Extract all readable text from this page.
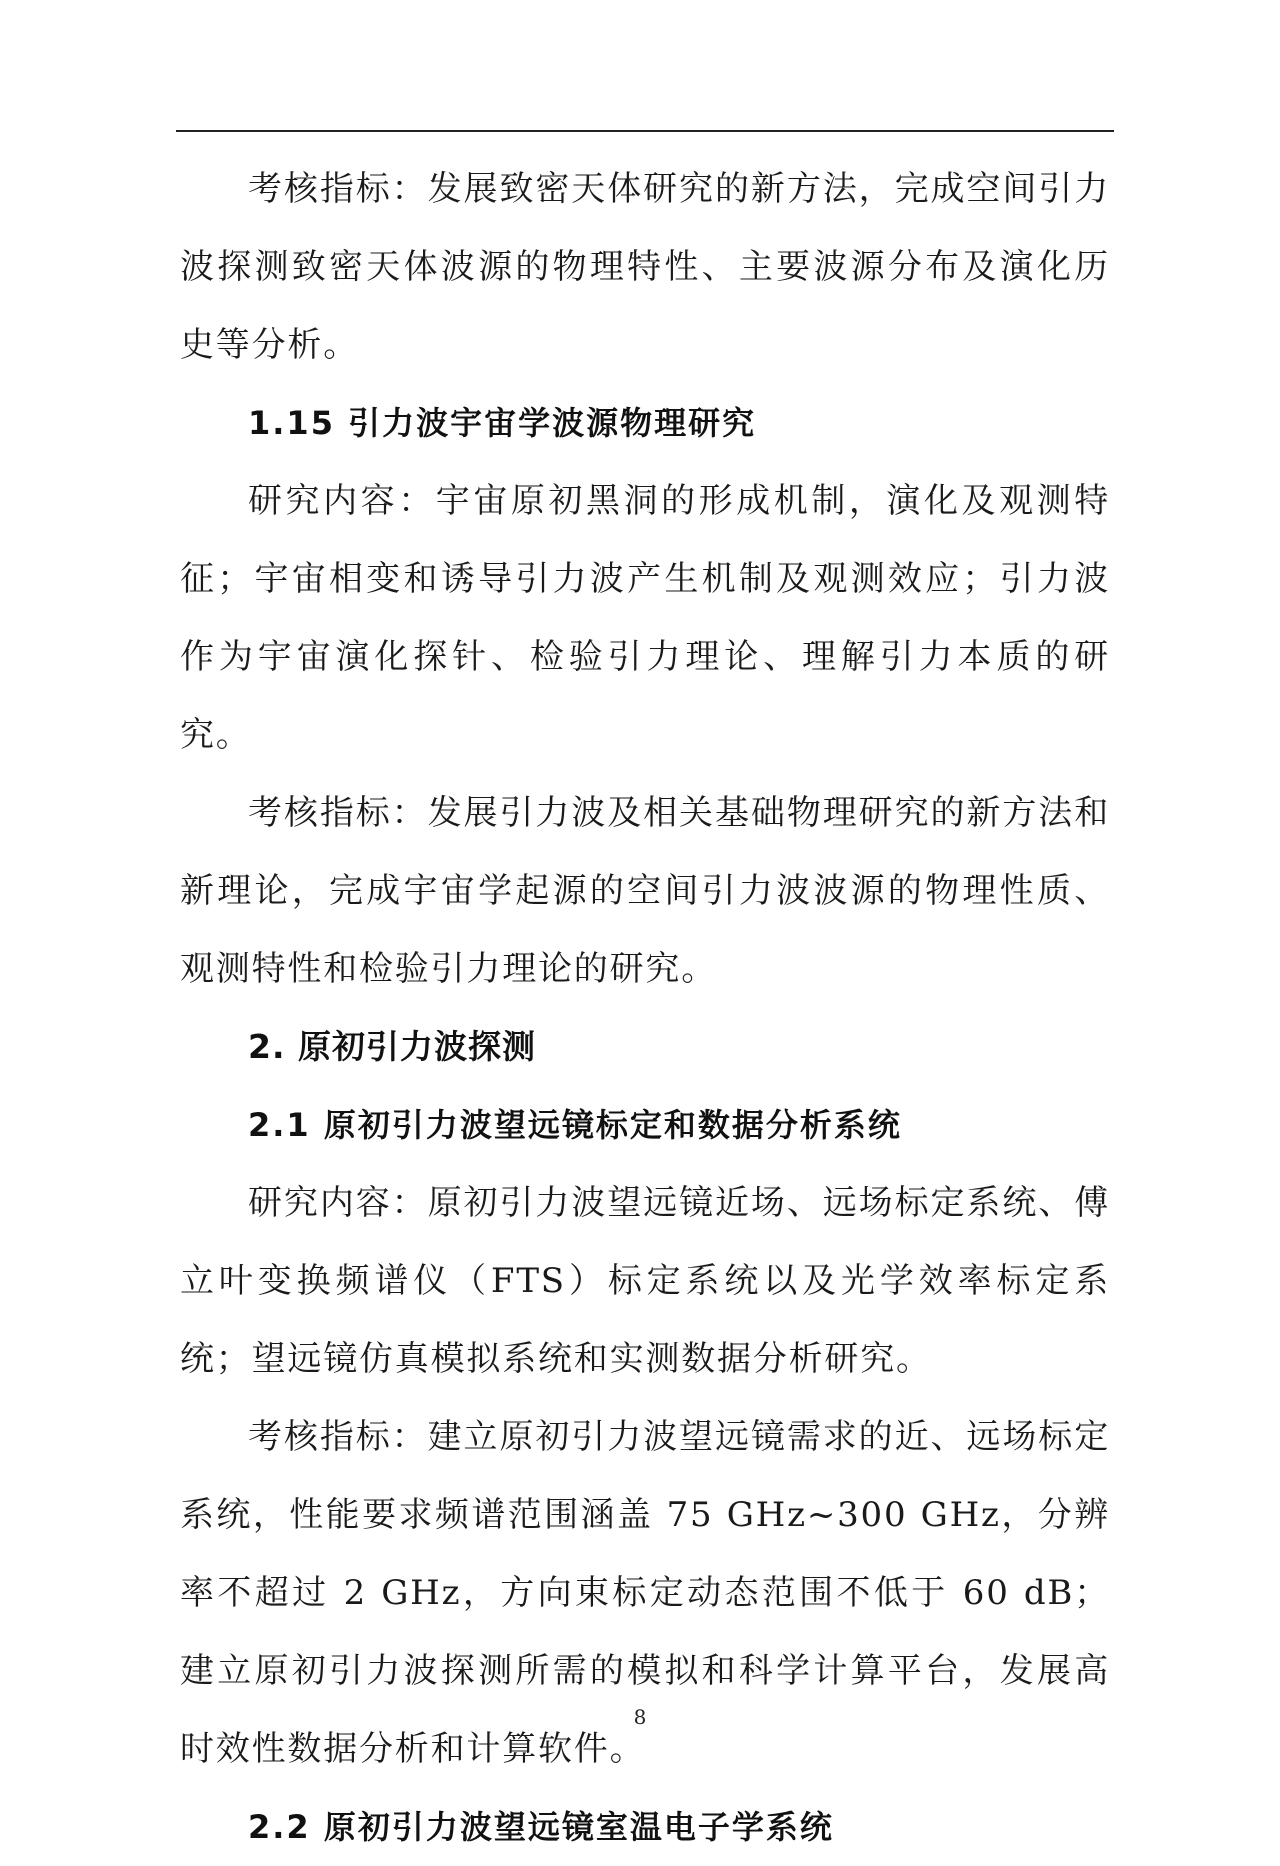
考核指标：发展致密天体研究的新方法，完成空间引力波探测致密天体波源的物理特性、主要波源分布及演化历史等分析。

1.15 引力波宇宙学波源物理研究

研究内容：宇宙原初黑洞的形成机制，演化及观测特征；宇宙相变和诱导引力波产生机制及观测效应；引力波作为宇宙演化探针、检验引力理论、理解引力本质的研究。

考核指标：发展引力波及相关基础物理研究的新方法和新理论，完成宇宙学起源的空间引力波波源的物理性质、观测特性和检验引力理论的研究。

2. 原初引力波探测

2.1 原初引力波望远镜标定和数据分析系统

研究内容：原初引力波望远镜近场、远场标定系统、傅立叶变换频谱仪（FTS）标定系统以及光学效率标定系统；望远镜仿真模拟系统和实测数据分析研究。

考核指标：建立原初引力波望远镜需求的近、远场标定系统，性能要求频谱范围涵盖 75 GHz~300 GHz，分辨率不超过 2 GHz，方向束标定动态范围不低于 60 dB；建立原初引力波探测所需的模拟和科学计算平台，发展高时效性数据分析和计算软件。

2.2 原初引力波望远镜室温电子学系统

8
